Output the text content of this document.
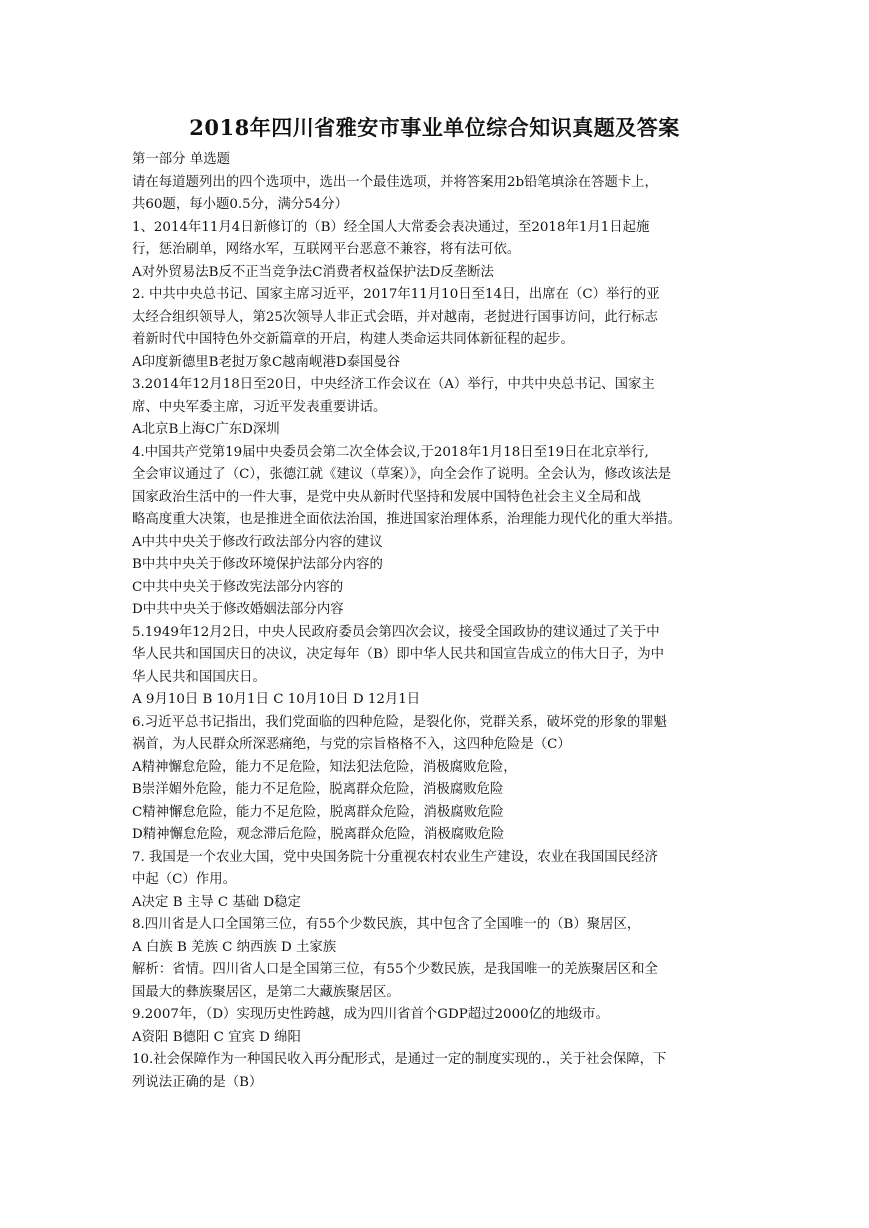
2018年四川省雅安市事业单位综合知识真题及答案
第一部分 单选题
请在每道题列出的四个选项中，选出一个最佳选项，并将答案用2b铅笔填涂在答题卡上，
共60题，每小题0.5分，满分54分）
1、2014年11月4日新修订的（B）经全国人大常委会表决通过，至2018年1月1日起施
行，惩治刷单，网络水军，互联网平台恶意不兼容，将有法可依。
A对外贸易法B反不正当竞争法C消费者权益保护法D反垄断法
2. 中共中央总书记、国家主席习近平，2017年11月10日至14日，出席在（C）举行的亚
太经合组织领导人，第25次领导人非正式会晤，并对越南，老挝进行国事访问，此行标志
着新时代中国特色外交新篇章的开启，构建人类命运共同体新征程的起步。
A印度新德里B老挝万象C越南岘港D泰国曼谷
3.2014年12月18日至20日，中央经济工作会议在（A）举行，中共中央总书记、国家主
席、中央军委主席，习近平发表重要讲话。
A北京B上海C广东D深圳
4.中国共产党第19届中央委员会第二次全体会议,于2018年1月18日至19日在北京举行,
全会审议通过了（C），张德江就《建议（草案）》，向全会作了说明。全会认为，修改该法是
国家政治生活中的一件大事，是党中央从新时代坚持和发展中国特色社会主义全局和战
略高度重大决策，也是推进全面依法治国，推进国家治理体系，治理能力现代化的重大举措。
A中共中央关于修改行政法部分内容的建议
B中共中央关于修改环境保护法部分内容的
C中共中央关于修改宪法部分内容的
D中共中央关于修改婚姻法部分内容
5.1949年12月2日，中央人民政府委员会第四次会议，接受全国政协的建议通过了关于中
华人民共和国国庆日的决议，决定每年（B）即中华人民共和国宣告成立的伟大日子，为中
华人民共和国国庆日。
A 9月10日 B 10月1日 C 10月10日 D 12月1日
6.习近平总书记指出，我们党面临的四种危险，是裂化你，党群关系，破坏党的形象的罪魁
祸首，为人民群众所深恶痛绝，与党的宗旨格格不入，这四种危险是（C）
A精神懈怠危险，能力不足危险，知法犯法危险，消极腐败危险，
B崇洋媚外危险，能力不足危险，脱离群众危险，消极腐败危险
C精神懈怠危险，能力不足危险，脱离群众危险，消极腐败危险
D精神懈怠危险，观念滞后危险，脱离群众危险，消极腐败危险
7. 我国是一个农业大国，党中央国务院十分重视农村农业生产建设，农业在我国国民经济
中起（C）作用。
A决定 B 主导 C 基础 D稳定
8.四川省是人口全国第三位，有55个少数民族，其中包含了全国唯一的（B）聚居区，
A 白族 B 羌族 C 纳西族 D 土家族
解析：省情。四川省人口是全国第三位，有55个少数民族，是我国唯一的羌族聚居区和全
国最大的彝族聚居区，是第二大藏族聚居区。
9.2007年，（D）实现历史性跨越，成为四川省首个GDP超过2000亿的地级市。
A资阳 B德阳 C 宜宾 D 绵阳
10.社会保障作为一种国民收入再分配形式，是通过一定的制度实现的.，关于社会保障，下
列说法正确的是（B）
